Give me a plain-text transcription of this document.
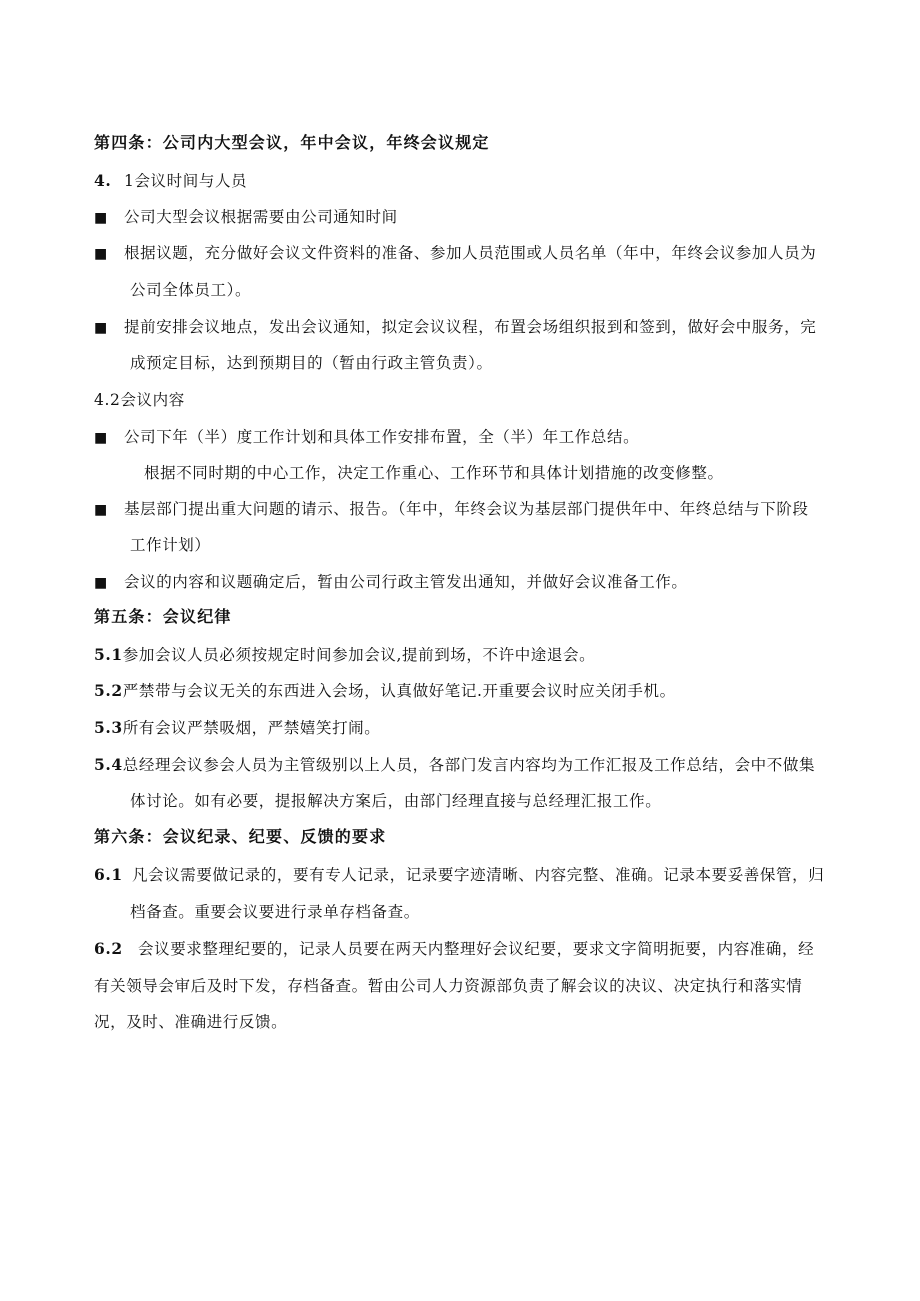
第四条：公司内大型会议，年中会议，年终会议规定
4. 1会议时间与人员
■ 公司大型会议根据需要由公司通知时间
■ 根据议题，充分做好会议文件资料的准备、参加人员范围或人员名单（年中，年终会议参加人员为
公司全体员工）。
■ 提前安排会议地点，发出会议通知，拟定会议议程，布置会场组织报到和签到，做好会中服务，完
成预定目标，达到预期目的（暂由行政主管负责）。
4.2会议内容
■ 公司下年（半）度工作计划和具体工作安排布置，全（半）年工作总结。
根据不同时期的中心工作，决定工作重心、工作环节和具体计划措施的改变修整。
■ 基层部门提出重大问题的请示、报告。（年中，年终会议为基层部门提供年中、年终总结与下阶段
工作计划）
■ 会议的内容和议题确定后，暂由公司行政主管发出通知，并做好会议准备工作。
第五条：会议纪律
5.1参加会议人员必须按规定时间参加会议,提前到场，不许中途退会。
5.2严禁带与会议无关的东西进入会场，认真做好笔记.开重要会议时应关闭手机。
5.3所有会议严禁吸烟，严禁嬉笑打闹。
5.4总经理会议参会人员为主管级别以上人员，各部门发言内容均为工作汇报及工作总结，会中不做集
体讨论。如有必要，提报解决方案后，由部门经理直接与总经理汇报工作。
第六条：会议纪录、纪要、反馈的要求
6.1 凡会议需要做记录的，要有专人记录，记录要字迹清晰、内容完整、准确。记录本要妥善保管，归
档备查。重要会议要进行录单存档备查。
6.2 会议要求整理纪要的，记录人员要在两天内整理好会议纪要，要求文字简明扼要，内容准确，经
有关领导会审后及时下发，存档备查。暂由公司人力资源部负责了解会议的决议、决定执行和落实情
况，及时、准确进行反馈。
